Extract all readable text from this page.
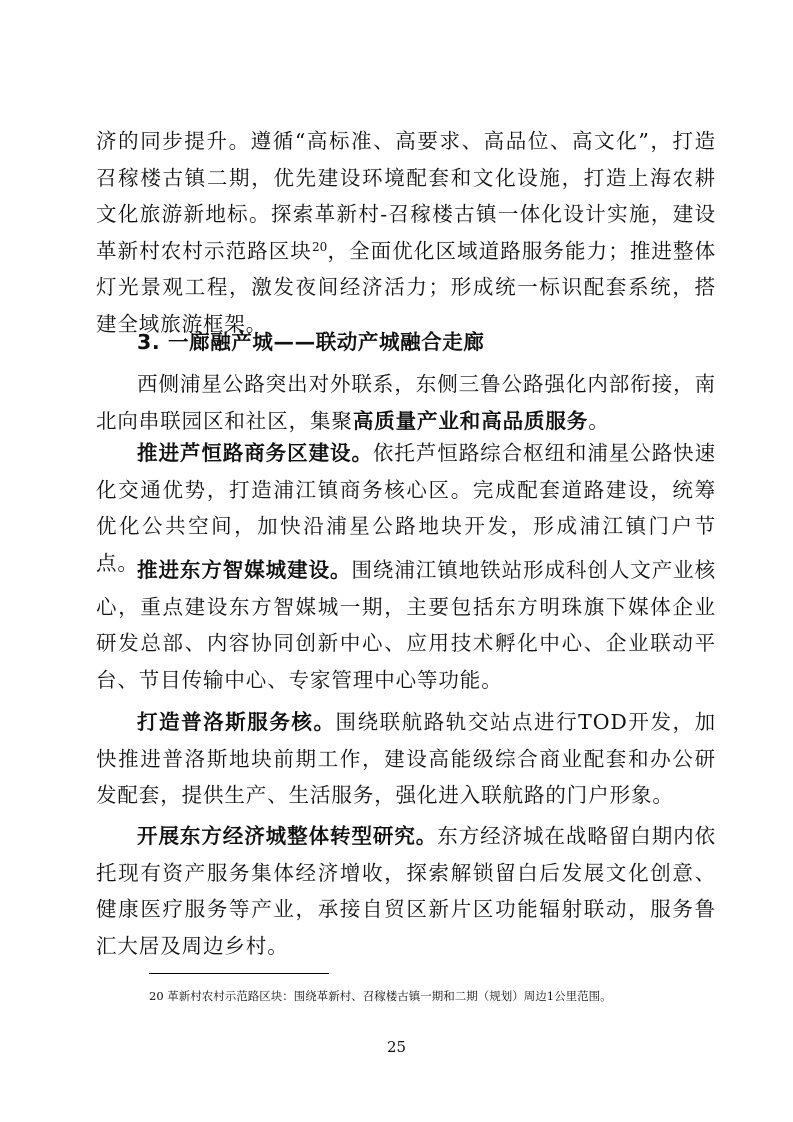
济的同步提升。遵循“高标准、高要求、高品位、高文化”，打造召稼楼古镇二期，优先建设环境配套和文化设施，打造上海农耕文化旅游新地标。探索革新村-召稼楼古镇一体化设计实施，建设革新村农村示范路区块$^{20}$，全面优化区域道路服务能力；推进整体灯光景观工程，激发夜间经济活力；形成统一标识配套系统，搭建全域旅游框架。

3. 一廊融产城——联动产城融合走廊

西侧浦星公路突出对外联系，东侧三鲁公路强化内部衔接，南北向串联园区和社区，集聚高质量产业和高品质服务。

推进芦恒路商务区建设。依托芦恒路综合枢纽和浦星公路快速化交通优势，打造浦江镇商务核心区。完成配套道路建设，统筹优化公共空间，加快沿浦星公路地块开发，形成浦江镇门户节点。

推进东方智媒城建设。围绕浦江镇地铁站形成科创人文产业核心，重点建设东方智媒城一期，主要包括东方明珠旗下媒体企业研发总部、内容协同创新中心、应用技术孵化中心、企业联动平台、节目传输中心、专家管理中心等功能。

打造普洛斯服务核。围绕联航路轨交站点进行TOD开发，加快推进普洛斯地块前期工作，建设高能级综合商业配套和办公研发配套，提供生产、生活服务，强化进入联航路的门户形象。

开展东方经济城整体转型研究。东方经济城在战略留白期内依托现有资产服务集体经济增收，探索解锁留白后发展文化创意、健康医疗服务等产业，承接自贸区新片区功能辐射联动，服务鲁汇大居及周边乡村。

20 革新村农村示范路区块：围绕革新村、召稼楼古镇一期和二期（规划）周边1公里范围。

25
